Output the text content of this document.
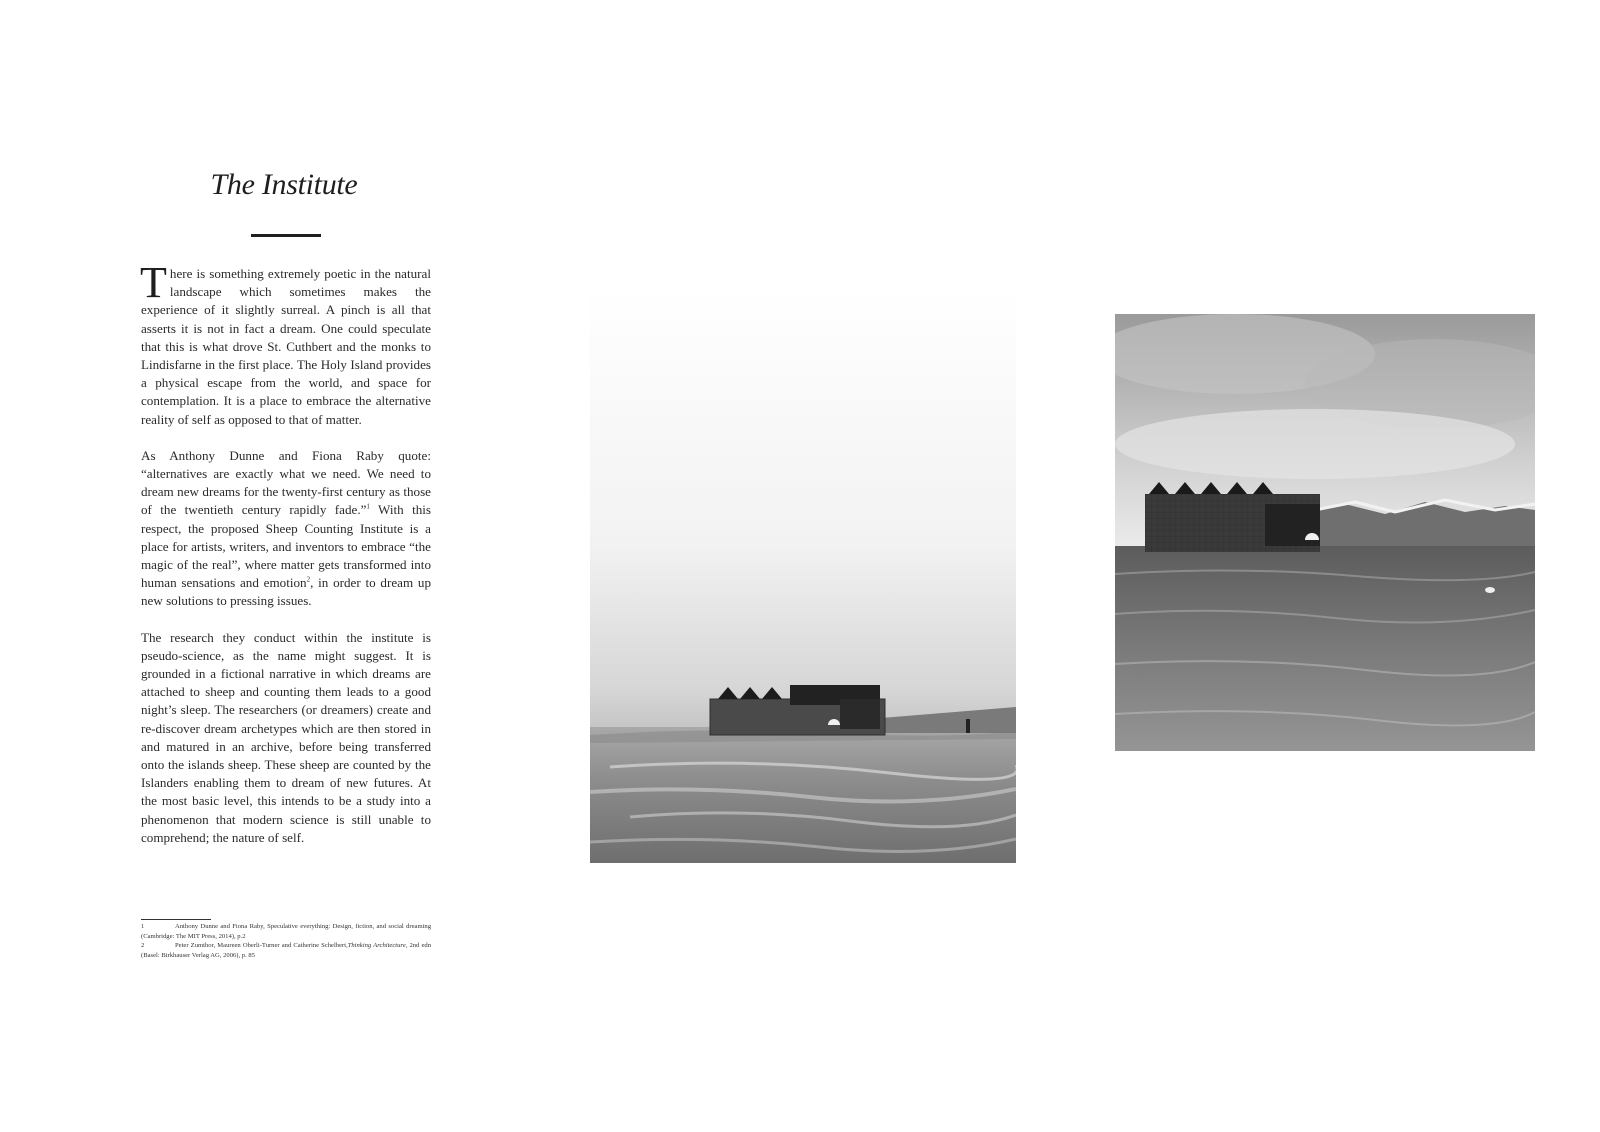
The Institute

There is something extremely poetic in the natural landscape which sometimes makes the experience of it slightly surreal. A pinch is all that asserts it is not in fact a dream. One could speculate that this is what drove St. Cuthbert and the monks to Lindisfarne in the first place. The Holy Island provides a physical escape from the world, and space for contemplation. It is a place to embrace the alternative reality of self as opposed to that of matter.

As Anthony Dunne and Fiona Raby quote: “alternatives are exactly what we need. We need to dream new dreams for the twenty-first century as those of the twentieth century rapidly fade.”$^1$ With this respect, the proposed Sheep Counting Institute is a place for artists, writers, and inventors to embrace “the magic of the real”, where matter gets transformed into human sensations and emotion$^2$, in order to dream up new solutions to pressing issues.

The research they conduct within the institute is pseudo-science, as the name might suggest. It is grounded in a fictional narrative in which dreams are attached to sheep and counting them leads to a good night’s sleep. The researchers (or dreamers) create and re-discover dream archetypes which are then stored in and matured in an archive, before being transferred onto the islands sheep. These sheep are counted by the Islanders enabling them to dream of new futures. At the most basic level, this intends to be a study into a phenomenon that modern science is still unable to comprehend; the nature of self.

1	Anthony Dunne and Fiona Raby, Speculative everything: Design, fiction, and social dreaming (Cambridge: The MIT Press, 2014), p.2
2	Peter Zumthor, Maureen Oberli-Turner and Catherine Schelbert,Thinking Architecture, 2nd edn (Basel: Birkhauser Verlag AG, 2006), p. 85
